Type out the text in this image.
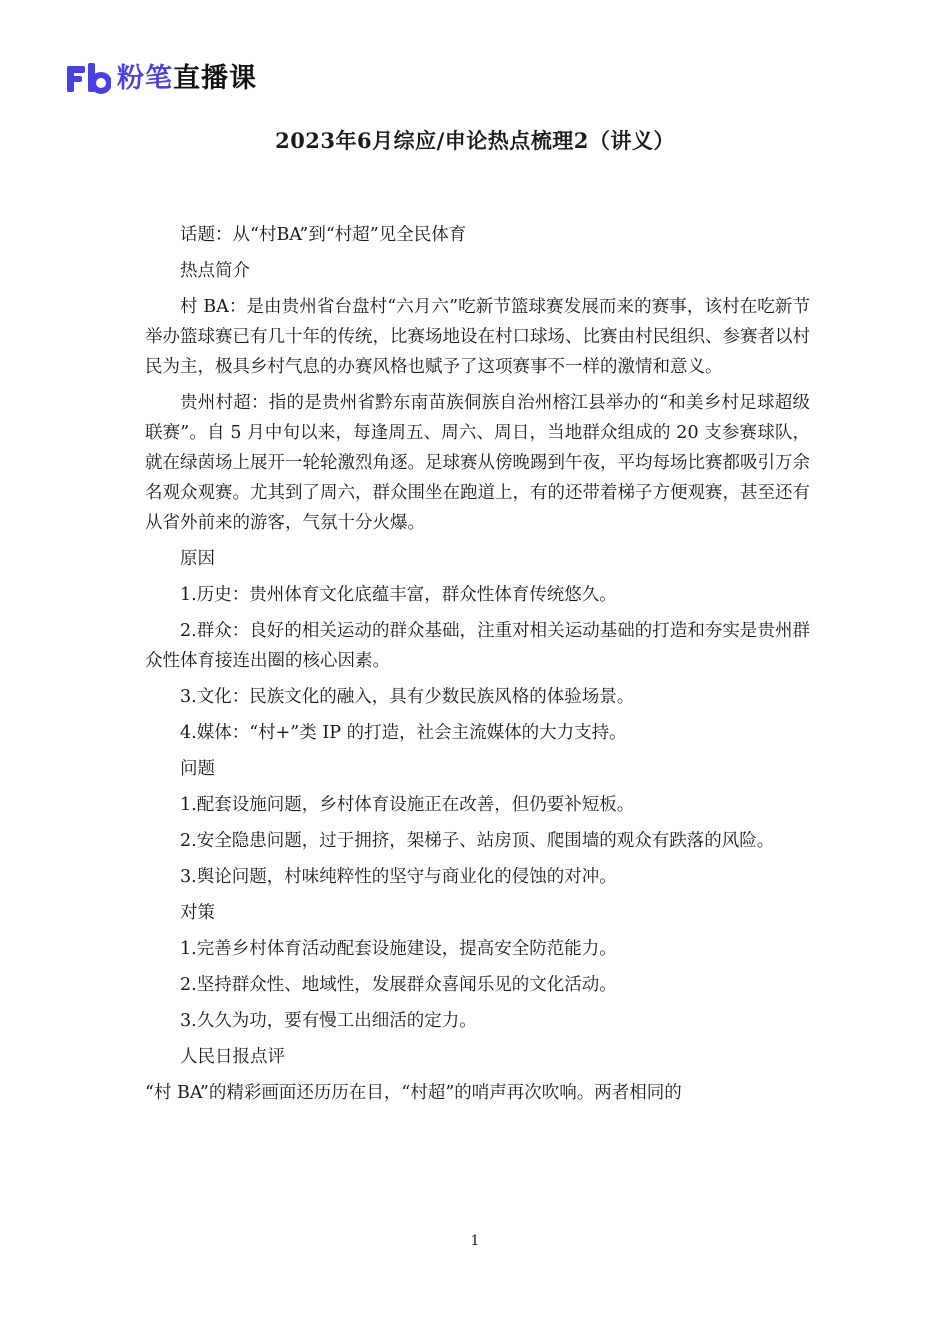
粉笔直播课
2023年6月综应/申论热点梳理2（讲义）

话题：从“村BA”到“村超”见全民体育

热点简介

村 BA：是由贵州省台盘村“六月六”吃新节篮球赛发展而来的赛事，该村在吃新节举办篮球赛已有几十年的传统，比赛场地设在村口球场、比赛由村民组织、参赛者以村民为主，极具乡村气息的办赛风格也赋予了这项赛事不一样的激情和意义。

贵州村超：指的是贵州省黔东南苗族侗族自治州榕江县举办的“和美乡村足球超级联赛”。自 5 月中旬以来，每逢周五、周六、周日，当地群众组成的 20 支参赛球队，就在绿茵场上展开一轮轮激烈角逐。足球赛从傍晚踢到午夜，平均每场比赛都吸引万余名观众观赛。尤其到了周六，群众围坐在跑道上，有的还带着梯子方便观赛，甚至还有从省外前来的游客，气氛十分火爆。

原因

1.历史：贵州体育文化底蕴丰富，群众性体育传统悠久。

2.群众：良好的相关运动的群众基础，注重对相关运动基础的打造和夯实是贵州群众性体育接连出圈的核心因素。

3.文化：民族文化的融入，具有少数民族风格的体验场景。

4.媒体：“村+”类 IP 的打造，社会主流媒体的大力支持。

问题

1.配套设施问题，乡村体育设施正在改善，但仍要补短板。

2.安全隐患问题，过于拥挤，架梯子、站房顶、爬围墙的观众有跌落的风险。

3.舆论问题，村味纯粹性的坚守与商业化的侵蚀的对冲。

对策

1.完善乡村体育活动配套设施建设，提高安全防范能力。

2.坚持群众性、地域性，发展群众喜闻乐见的文化活动。

3.久久为功，要有慢工出细活的定力。

人民日报点评

“村 BA”的精彩画面还历历在目，“村超”的哨声再次吹响。两者相同的

1
